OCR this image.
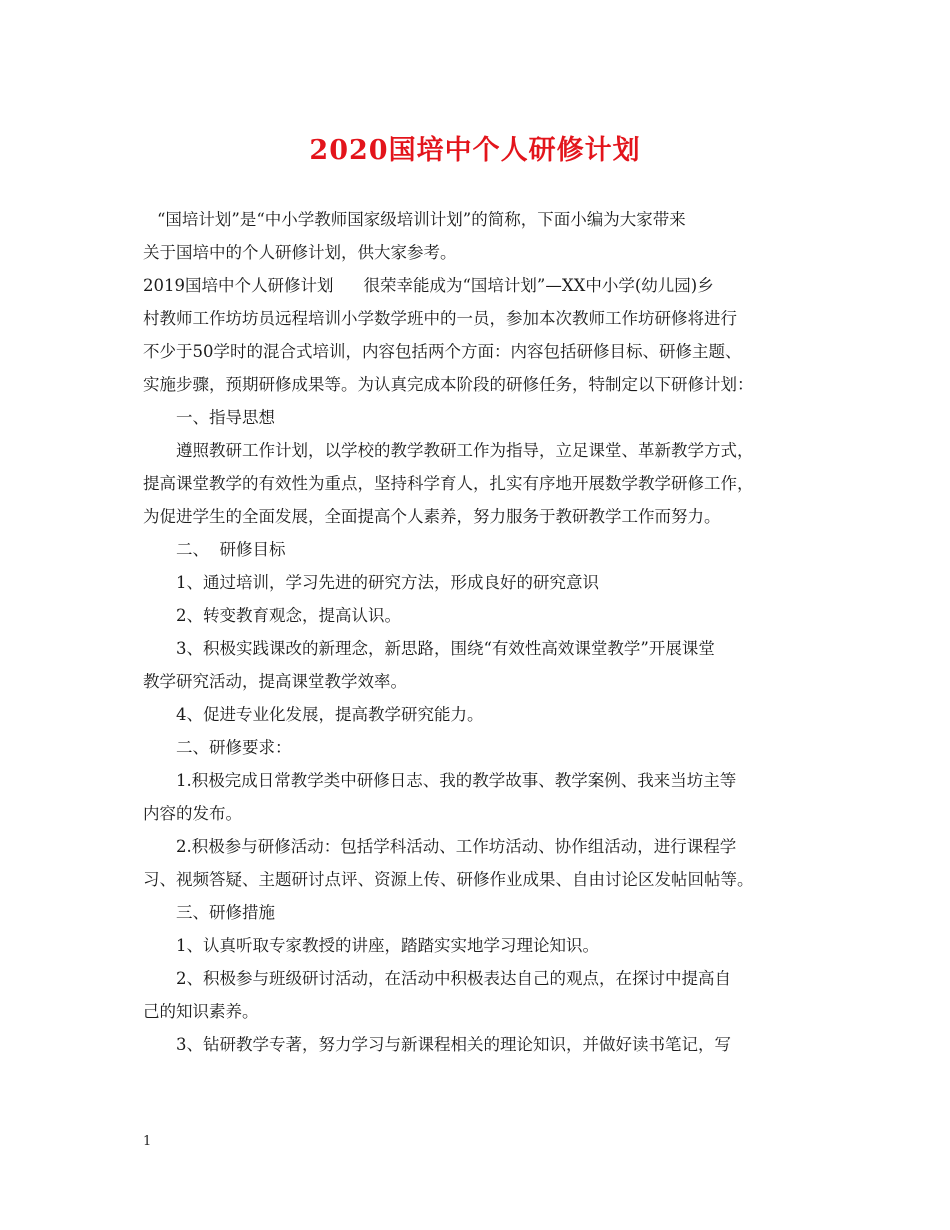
2020国培中个人研修计划

“国培计划”是“中小学教师国家级培训计划”的简称，下面小编为大家带来

关于国培中的个人研修计划，供大家参考。

2019国培中个人研修计划 很荣幸能成为“国培计划”—XX中小学(幼儿园)乡

村教师工作坊坊员远程培训小学数学班中的一员，参加本次教师工作坊研修将进行

不少于50学时的混合式培训，内容包括两个方面：内容包括研修目标、研修主题、

实施步骤，预期研修成果等。为认真完成本阶段的研修任务，特制定以下研修计划：

一、指导思想

遵照教研工作计划，以学校的教学教研工作为指导，立足课堂、革新教学方式，

提高课堂教学的有效性为重点，坚持科学育人，扎实有序地开展数学教学研修工作，

为促进学生的全面发展，全面提高个人素养，努力服务于教研教学工作而努力。

二、  研修目标

1、通过培训，学习先进的研究方法，形成良好的研究意识

2、转变教育观念，提高认识。

3、积极实践课改的新理念，新思路，围绕“有效性高效课堂教学”开展课堂

教学研究活动，提高课堂教学效率。

4、促进专业化发展，提高教学研究能力。

二、研修要求：

1.积极完成日常教学类中研修日志、我的教学故事、教学案例、我来当坊主等

内容的发布。

2.积极参与研修活动：包括学科活动、工作坊活动、协作组活动，进行课程学

习、视频答疑、主题研讨点评、资源上传、研修作业成果、自由讨论区发帖回帖等。

三、研修措施

1、认真听取专家教授的讲座，踏踏实实地学习理论知识。

2、积极参与班级研讨活动，在活动中积极表达自己的观点，在探讨中提高自

己的知识素养。

3、钻研教学专著，努力学习与新课程相关的理论知识，并做好读书笔记，写

1
